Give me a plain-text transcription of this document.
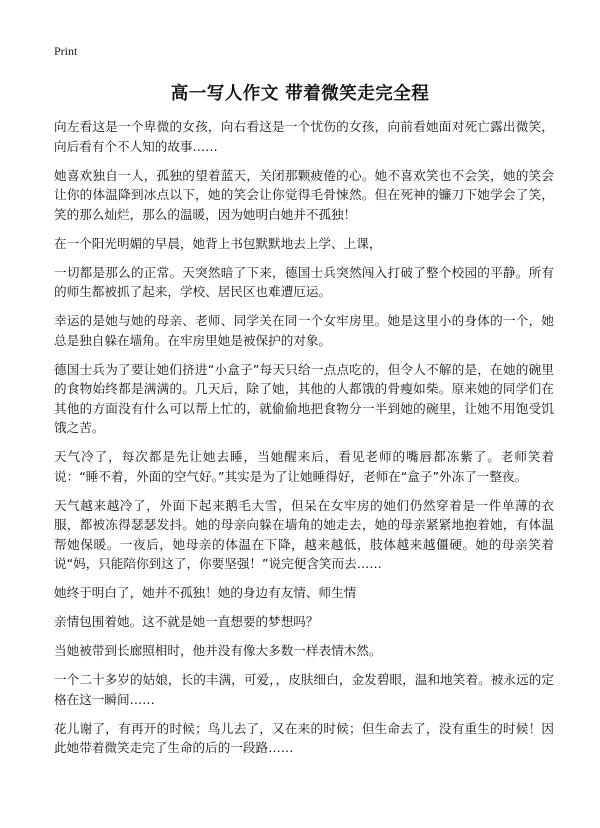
Print
高一写人作文 带着微笑走完全程

向左看这是一个卑微的女孩，向右看这是一个忧伤的女孩，向前看她面对死亡露出微笑，向后看有个不人知的故事……

她喜欢独自一人，孤独的望着蓝天，关闭那颗疲倦的心。她不喜欢笑也不会笑，她的笑会让你的体温降到冰点以下，她的笑会让你觉得毛骨悚然。但在死神的镰刀下她学会了笑，笑的那么灿烂，那么的温暖，因为她明白她并不孤独！

在一个阳光明媚的早晨，她背上书包默默地去上学、上课，

一切都是那么的正常。天突然暗了下来，德国士兵突然闯入打破了整个校园的平静。所有的师生都被抓了起来，学校、居民区也难遭厄运。

幸运的是她与她的母亲、老师、同学关在同一个女牢房里。她是这里小的身体的一个，她总是独自躲在墙角。在牢房里她是被保护的对象。

德国士兵为了要让她们挤进“小盒子”每天只给一点点吃的，但令人不解的是，在她的碗里的食物始终都是满满的。几天后，除了她，其他的人都饿的骨瘦如柴。原来她的同学们在其他的方面没有什么可以帮上忙的，就偷偷地把食物分一半到她的碗里，让她不用饱受饥饿之苦。

天气冷了，每次都是先让她去睡，当她醒来后，看见老师的嘴唇都冻紫了。老师笑着说：“睡不着，外面的空气好。”其实是为了让她睡得好，老师在“盒子”外冻了一整夜。

天气越来越冷了，外面下起来鹅毛大雪，但呆在女牢房的她们仍然穿着是一件单薄的衣服，都被冻得瑟瑟发抖。她的母亲向躲在墙角的她走去，她的母亲紧紧地抱着她，有体温帮她保暖。一夜后，她母亲的体温在下降，越来越低，肢体越来越僵硬。她的母亲笑着说“妈，只能陪你到这了，你要坚强！”说完便含笑而去……

她终于明白了，她并不孤独！她的身边有友情、师生情

亲情包围着她。这不就是她一直想要的梦想吗？

当她被带到长廊照相时，他并没有像大多数一样表情木然。

一个二十多岁的姑娘，长的丰满，可爱，，皮肤细白，金发碧眼，温和地笑着。被永远的定格在这一瞬间……

花儿谢了，有再开的时候；鸟儿去了，又在来的时候；但生命去了，没有重生的时候！因此她带着微笑走完了生命的后的一段路……
